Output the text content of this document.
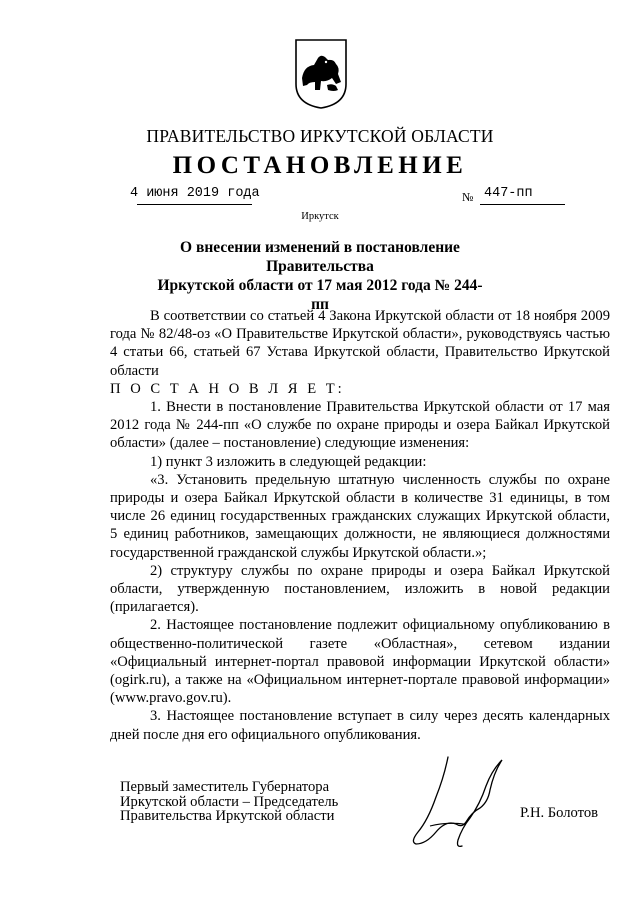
ПРАВИТЕЛЬСТВО ИРКУТСКОЙ ОБЛАСТИ
ПОСТАНОВЛЕНИЕ
4 июня 2019 года	№ 447-пп
Иркутск
О внесении изменений в постановление Правительства
Иркутской области от 17 мая 2012 года № 244-пп

В соответствии со статьей 4 Закона Иркутской области от 18 ноября 2009 года № 82/48-оз «О Правительстве Иркутской области», руководствуясь частью 4 статьи 66, статьей 67 Устава Иркутской области, Правительство Иркутской области

П О С Т А Н О В Л Я Е Т:

1. Внести в постановление Правительства Иркутской области от 17 мая 2012 года № 244-пп «О службе по охране природы и озера Байкал Иркутской области» (далее – постановление) следующие изменения:

1) пункт 3 изложить в следующей редакции:

«3. Установить предельную штатную численность службы по охране природы и озера Байкал Иркутской области в количестве 31 единицы, в том числе 26 единиц государственных гражданских служащих Иркутской области, 5 единиц работников, замещающих должности, не являющиеся должностями государственной гражданской службы Иркутской области.»;

2) структуру службы по охране природы и озера Байкал Иркутской области, утвержденную постановлением, изложить в новой редакции (прилагается).

2. Настоящее постановление подлежит официальному опубликованию в общественно-политической газете «Областная», сетевом издании «Официальный интернет-портал правовой информации Иркутской области» (ogirk.ru), а также на «Официальном интернет-портале правовой информации» (www.pravo.gov.ru).

3. Настоящее постановление вступает в силу через десять календарных дней после дня его официального опубликования.

Первый заместитель Губернатора
Иркутской области – Председатель
Правительства Иркутской области	Р.Н. Болотов
